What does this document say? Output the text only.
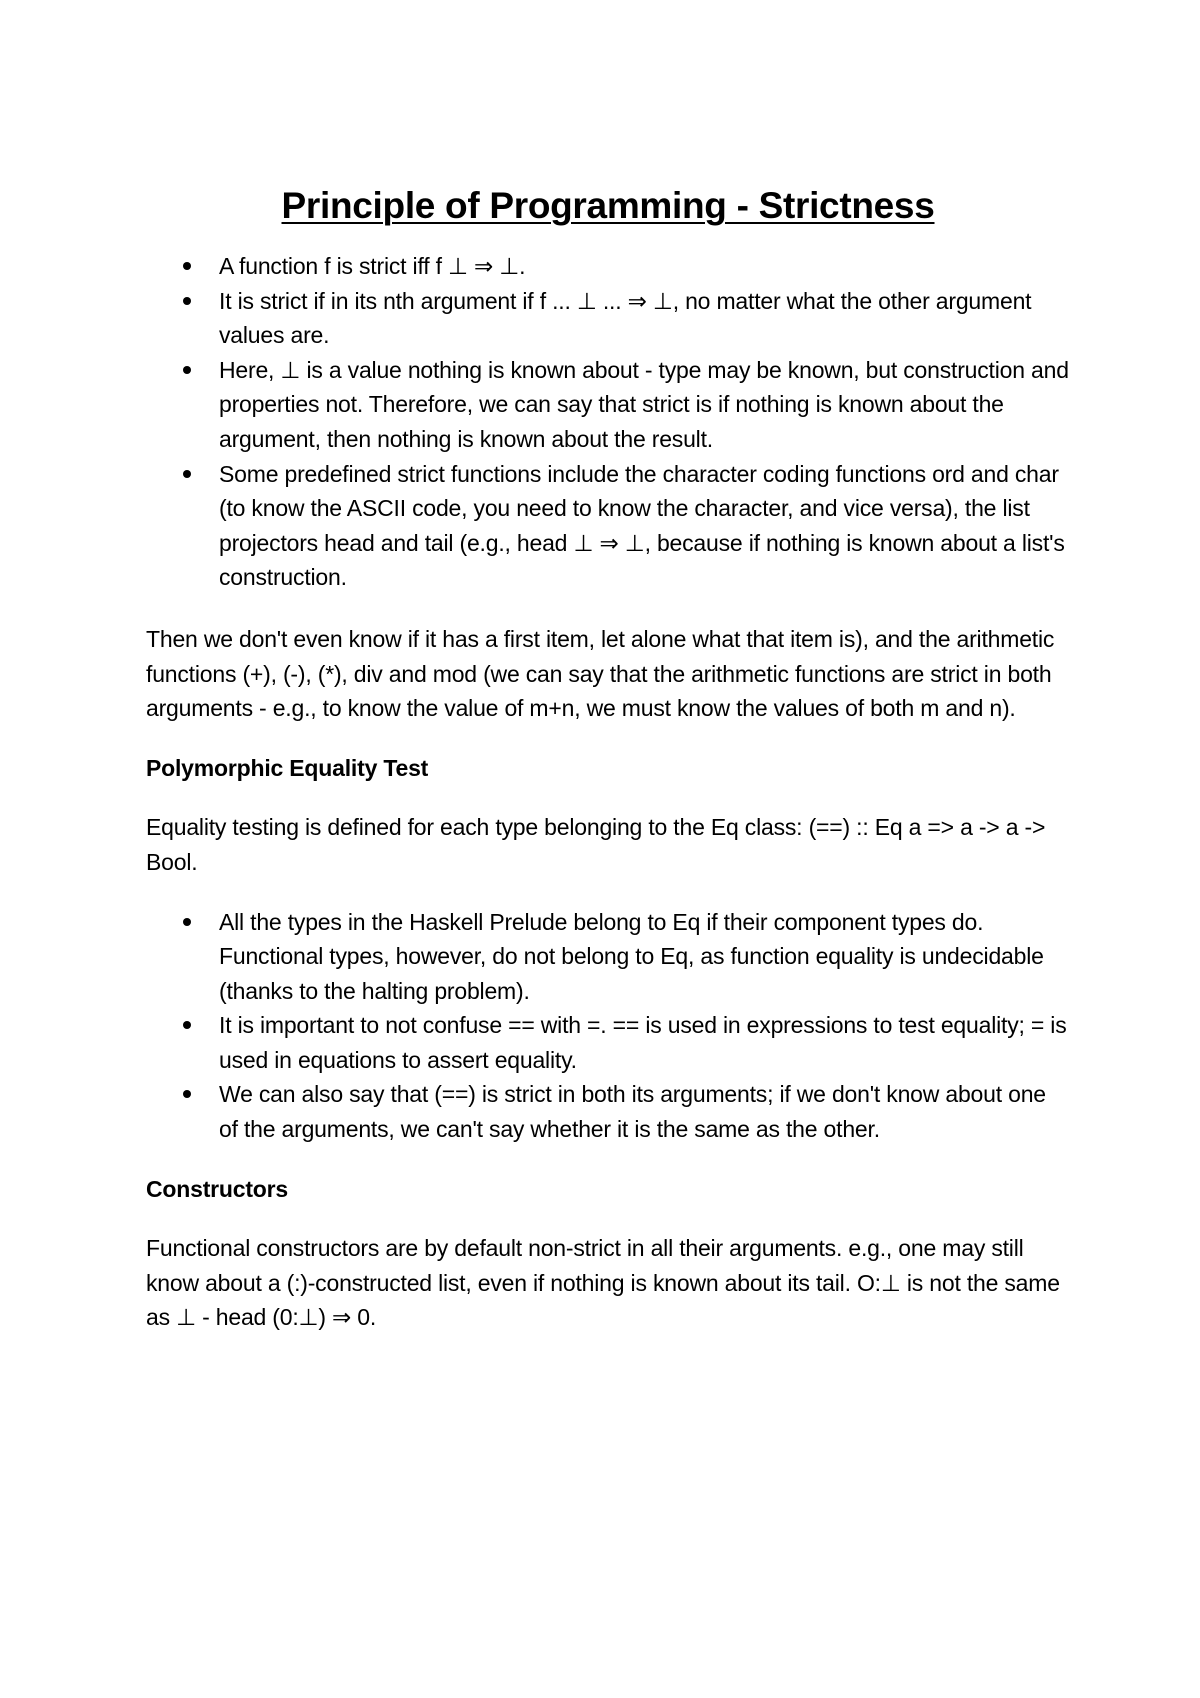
Principle of Programming - Strictness
A function f is strict iff f ⊥ ⇒ ⊥.
It is strict if in its nth argument if f ... ⊥ ... ⇒ ⊥, no matter what the other argument values are.
Here, ⊥ is a value nothing is known about - type may be known, but construction and properties not. Therefore, we can say that strict is if nothing is known about the argument, then nothing is known about the result.
Some predefined strict functions include the character coding functions ord and char (to know the ASCII code, you need to know the character, and vice versa), the list projectors head and tail (e.g., head ⊥ ⇒ ⊥, because if nothing is known about a list's construction.

Then we don't even know if it has a first item, let alone what that item is), and the arithmetic functions (+), (-), (*), div and mod (we can say that the arithmetic functions are strict in both arguments - e.g., to know the value of m+n, we must know the values of both m and n).

Polymorphic Equality Test

Equality testing is defined for each type belonging to the Eq class: (==) :: Eq a => a -> a -> Bool.

All the types in the Haskell Prelude belong to Eq if their component types do. Functional types, however, do not belong to Eq, as function equality is undecidable (thanks to the halting problem).
It is important to not confuse == with =. == is used in expressions to test equality; = is used in equations to assert equality.
We can also say that (==) is strict in both its arguments; if we don't know about one of the arguments, we can't say whether it is the same as the other.
Constructors

Functional constructors are by default non-strict in all their arguments. e.g., one may still know about a (:)-constructed list, even if nothing is known about its tail. O:⊥ is not the same as ⊥ - head (0:⊥) ⇒ 0.
